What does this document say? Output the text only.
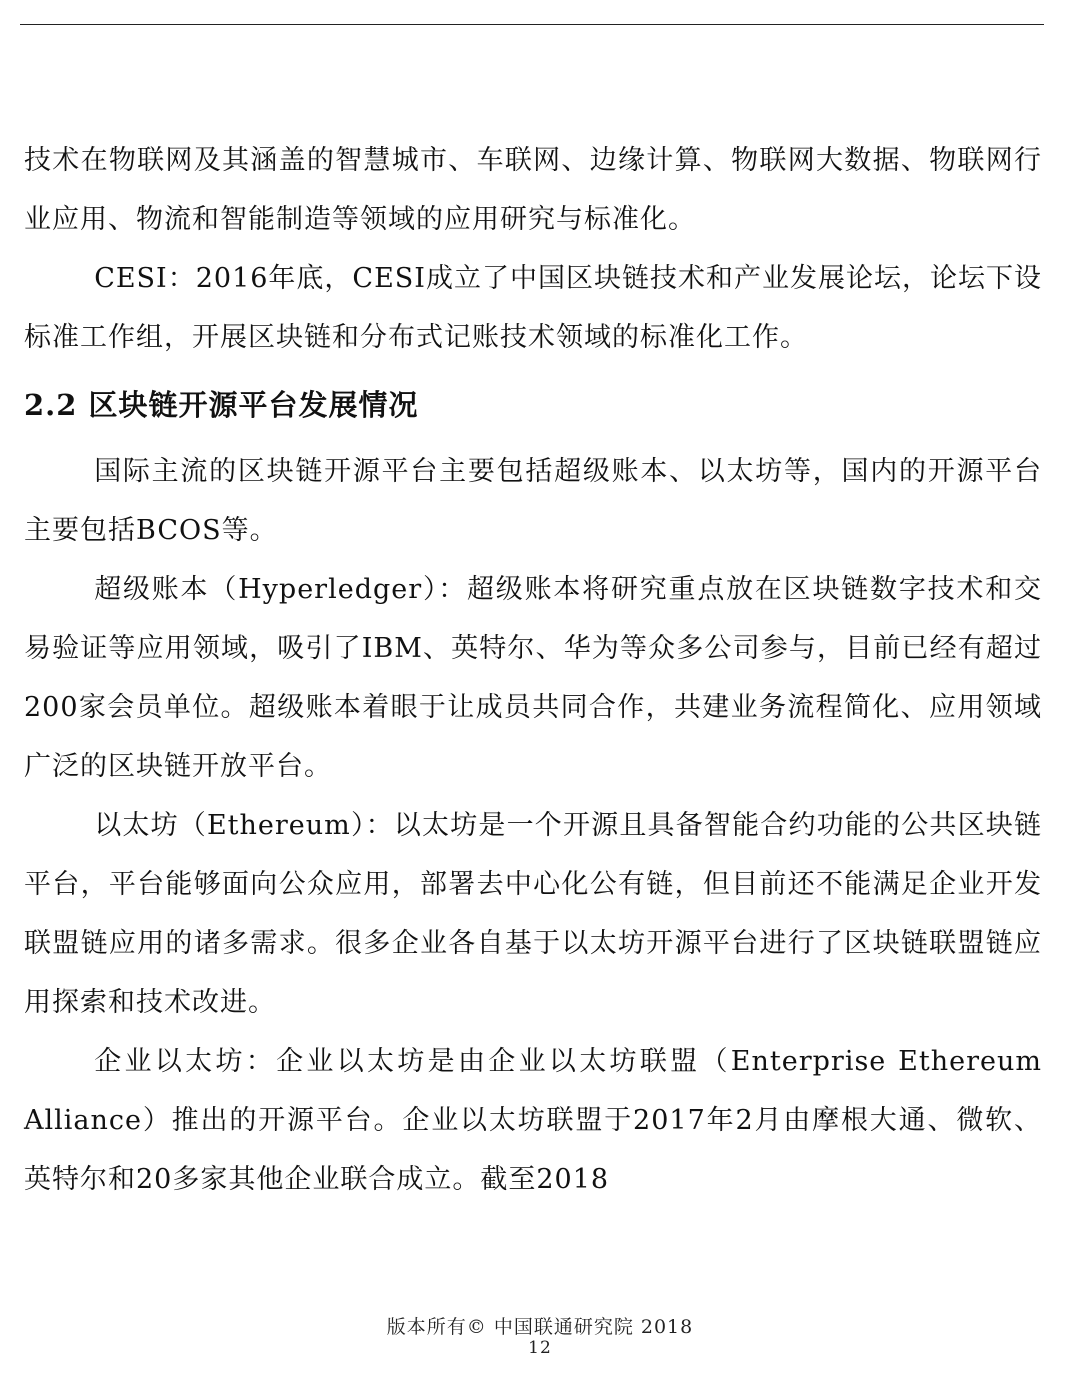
技术在物联网及其涵盖的智慧城市、车联网、边缘计算、物联网大数据、物联网行业应用、物流和智能制造等领域的应用研究与标准化。

CESI：2016年底，CESI成立了中国区块链技术和产业发展论坛，论坛下设标准工作组，开展区块链和分布式记账技术领域的标准化工作。

2.2 区块链开源平台发展情况

国际主流的区块链开源平台主要包括超级账本、以太坊等，国内的开源平台主要包括BCOS等。

超级账本（Hyperledger）：超级账本将研究重点放在区块链数字技术和交易验证等应用领域，吸引了IBM、英特尔、华为等众多公司参与，目前已经有超过200家会员单位。超级账本着眼于让成员共同合作，共建业务流程简化、应用领域广泛的区块链开放平台。

以太坊（Ethereum）：以太坊是一个开源且具备智能合约功能的公共区块链平台，平台能够面向公众应用，部署去中心化公有链，但目前还不能满足企业开发联盟链应用的诸多需求。很多企业各自基于以太坊开源平台进行了区块链联盟链应用探索和技术改进。

企业以太坊：企业以太坊是由企业以太坊联盟（Enterprise Ethereum Alliance）推出的开源平台。企业以太坊联盟于2017年2月由摩根大通、微软、英特尔和20多家其他企业联合成立。截至2018

版本所有© 中国联通研究院 2018
12
